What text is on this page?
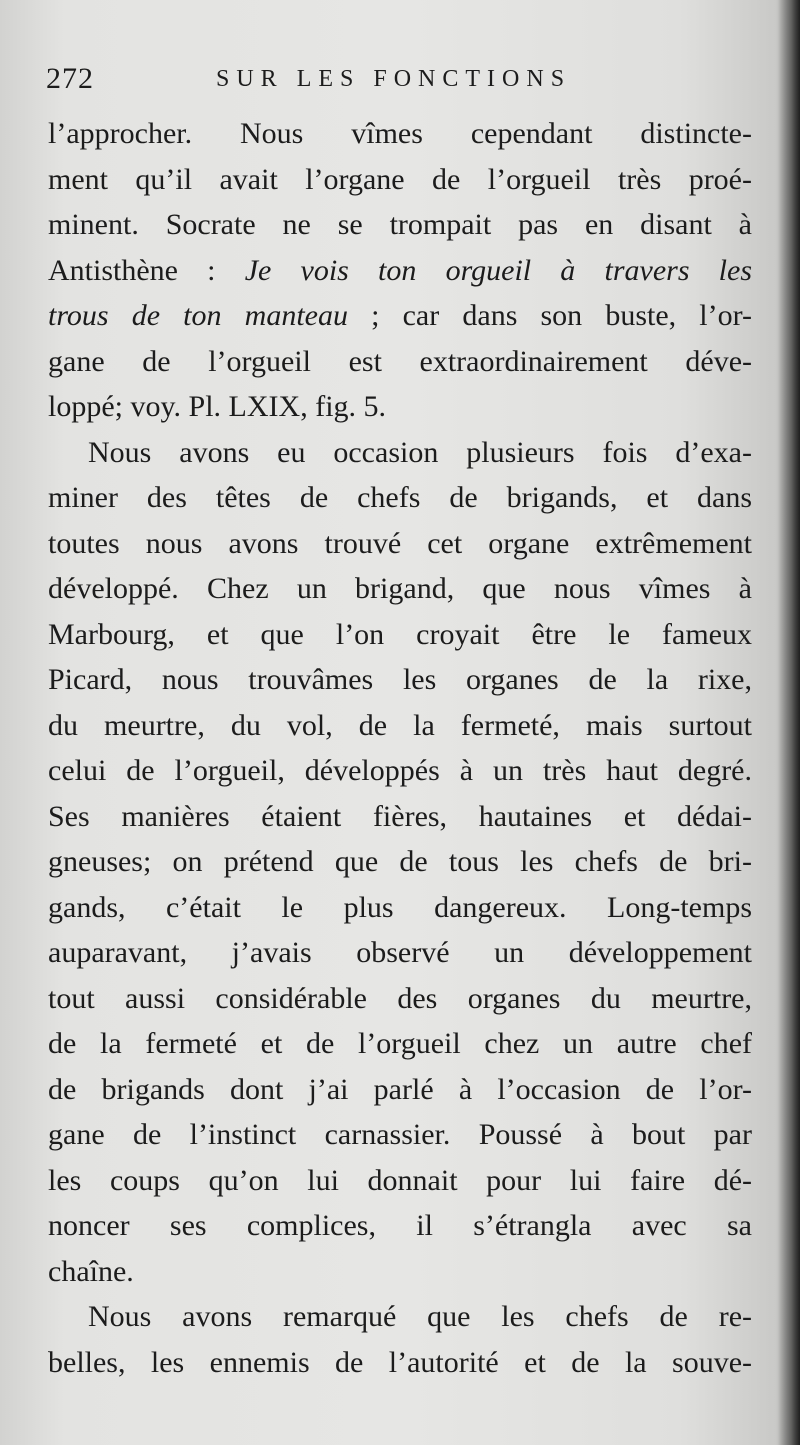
272	SUR LES FONCTIONS
l’approcher. Nous vîmes cependant distincte-
ment qu’il avait l’organe de l’orgueil très proé-
minent. Socrate ne se trompait pas en disant à
Antisthène : Je vois ton orgueil à travers les
trous de ton manteau ; car dans son buste, l’or-
gane de l’orgueil est extraordinairement déve-
loppé; voy. Pl. LXIX, fig. 5.
Nous avons eu occasion plusieurs fois d’exa-
miner des têtes de chefs de brigands, et dans
toutes nous avons trouvé cet organe extrêmement
développé. Chez un brigand, que nous vîmes à
Marbourg, et que l’on croyait être le fameux
Picard, nous trouvâmes les organes de la rixe,
du meurtre, du vol, de la fermeté, mais surtout
celui de l’orgueil, développés à un très haut degré.
Ses manières étaient fières, hautaines et dédai-
gneuses; on prétend que de tous les chefs de bri-
gands, c’était le plus dangereux. Long-temps
auparavant, j’avais observé un développement
tout aussi considérable des organes du meurtre,
de la fermeté et de l’orgueil chez un autre chef
de brigands dont j’ai parlé à l’occasion de l’or-
gane de l’instinct carnassier. Poussé à bout par
les coups qu’on lui donnait pour lui faire dé-
noncer ses complices, il s’étrangla avec sa
chaîne.
Nous avons remarqué que les chefs de re-
belles, les ennemis de l’autorité et de la souve-
